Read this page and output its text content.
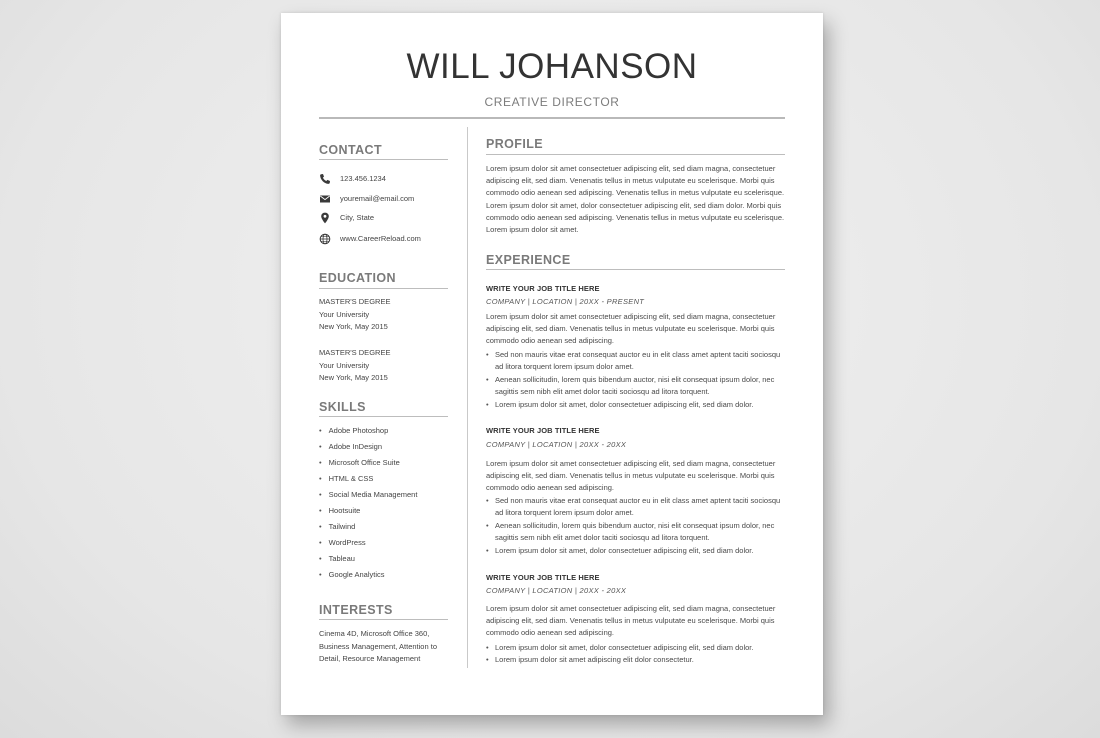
WILL JOHANSON
CREATIVE DIRECTOR
CONTACT
123.456.1234
youremail@email.com
City, State
www.CareerReload.com
EDUCATION
MASTER'S DEGREE
Your University
New York, May 2015
MASTER'S DEGREE
Your University
New York, May 2015
SKILLS
• Adobe Photoshop
• Adobe InDesign
• Microsoft Office Suite
• HTML & CSS
• Social Media Management
• Hootsuite
• Tailwind
• WordPress
• Tableau
• Google Analytics
INTERESTS
Cinema 4D, Microsoft Office 360, Business Management, Attention to Detail, Resource Management
PROFILE

Lorem ipsum dolor sit amet consectetuer adipiscing elit, sed diam magna, consectetuer adipiscing elit, sed diam. Venenatis tellus in metus vulputate eu scelerisque. Morbi quis commodo odio aenean sed adipiscing. Venenatis tellus in metus vulputate eu scelerisque. Lorem ipsum dolor sit amet, dolor consectetuer adipiscing elit, sed diam dolor. Morbi quis commodo odio aenean sed adipiscing. Venenatis tellus in metus vulputate eu scelerisque. Lorem ipsum dolor sit amet.

EXPERIENCE
WRITE YOUR JOB TITLE HERE
COMPANY | LOCATION | 20XX - PRESENT

Lorem ipsum dolor sit amet consectetuer adipiscing elit, sed diam magna, consectetuer adipiscing elit, sed diam. Venenatis tellus in metus vulputate eu scelerisque. Morbi quis commodo odio aenean sed adipiscing.

• Sed non mauris vitae erat consequat auctor eu in elit class amet aptent taciti sociosqu ad litora torquent lorem ipsum dolor amet.
• Aenean sollicitudin, lorem quis bibendum auctor, nisi elit consequat ipsum dolor, nec sagittis sem nibh elit amet dolor taciti sociosqu ad litora torquent.
• Lorem ipsum dolor sit amet, dolor consectetuer adipiscing elit, sed diam dolor.
WRITE YOUR JOB TITLE HERE
COMPANY | LOCATION | 20XX - 20XX

Lorem ipsum dolor sit amet consectetuer adipiscing elit, sed diam magna, consectetuer adipiscing elit, sed diam. Venenatis tellus in metus vulputate eu scelerisque. Morbi quis commodo odio aenean sed adipiscing.

• Sed non mauris vitae erat consequat auctor eu in elit class amet aptent taciti sociosqu ad litora torquent lorem ipsum dolor amet.
• Aenean sollicitudin, lorem quis bibendum auctor, nisi elit consequat ipsum dolor, nec sagittis sem nibh elit amet dolor taciti sociosqu ad litora torquent.
• Lorem ipsum dolor sit amet, dolor consectetuer adipiscing elit, sed diam dolor.
WRITE YOUR JOB TITLE HERE
COMPANY | LOCATION | 20XX - 20XX

Lorem ipsum dolor sit amet consectetuer adipiscing elit, sed diam magna, consectetuer adipiscing elit, sed diam. Venenatis tellus in metus vulputate eu scelerisque. Morbi quis commodo odio aenean sed adipiscing.

• Lorem ipsum dolor sit amet, dolor consectetuer adipiscing elit, sed diam dolor.
• Lorem ipsum dolor sit amet adipiscing elit dolor consectetur.
